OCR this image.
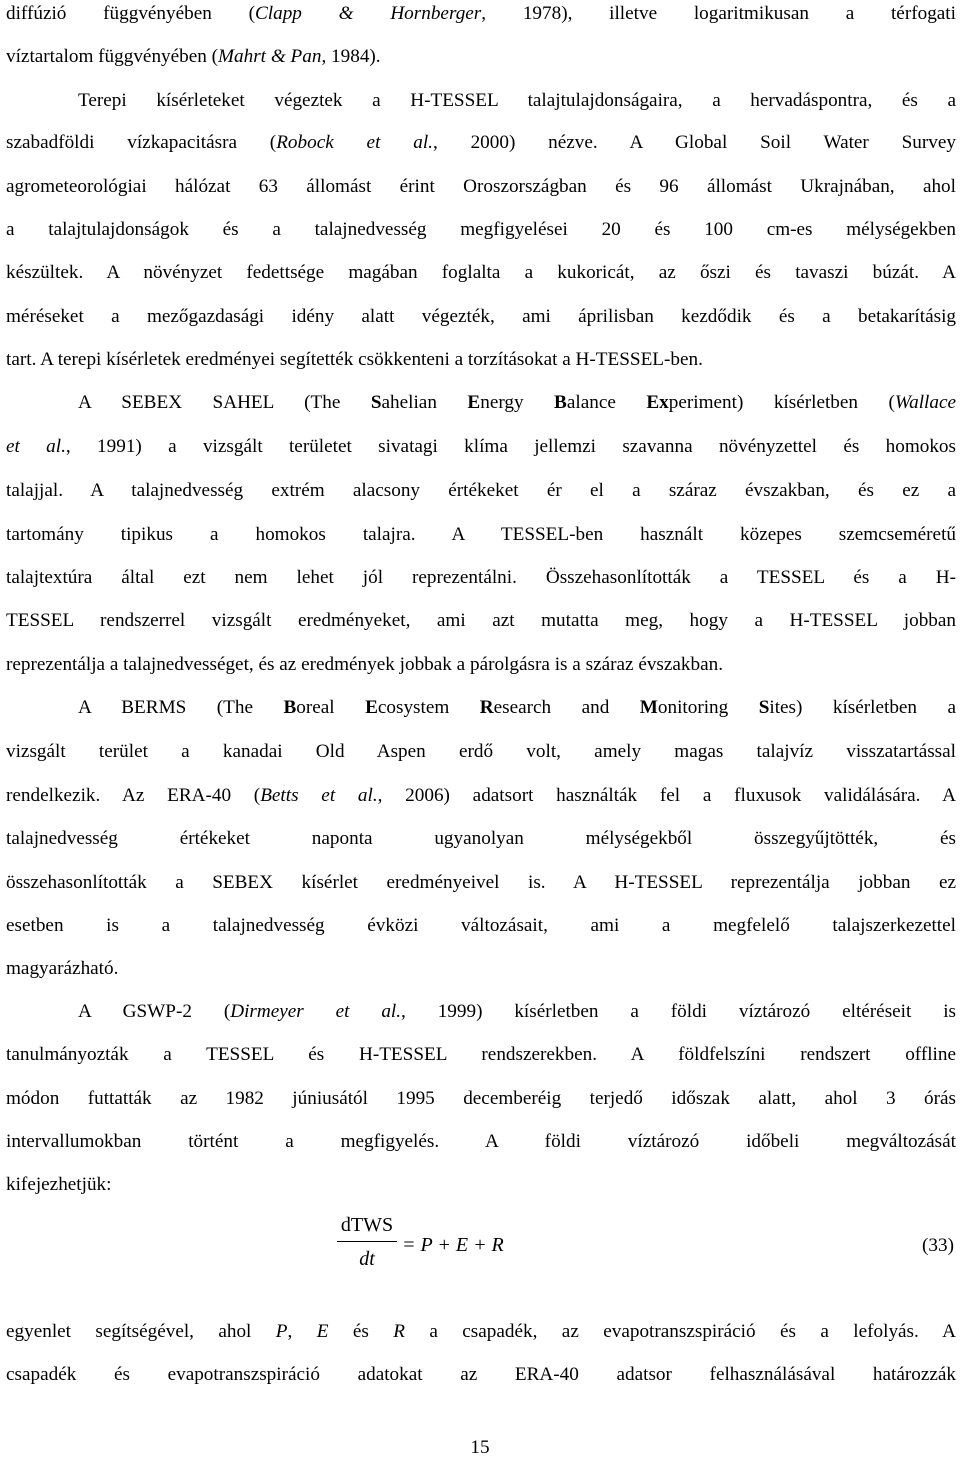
diffúzió függvényében (Clapp & Hornberger, 1978), illetve logaritmikusan a térfogati
víztartalom függvényében (Mahrt & Pan, 1984).
Terepi kísérleteket végeztek a H-TESSEL talajtulajdonságaira, a hervadáspontra, és a
szabadföldi vízkapacitásra (Robock et al., 2000) nézve. A Global Soil Water Survey
agrometeorológiai hálózat 63 állomást érint Oroszországban és 96 állomást Ukrajnában, ahol
a talajtulajdonságok és a talajnedvesség megfigyelései 20 és 100 cm-es mélységekben
készültek. A növényzet fedettsége magában foglalta a kukoricát, az őszi és tavaszi búzát. A
méréseket a mezőgazdasági idény alatt végezték, ami áprilisban kezdődik és a betakarításig
tart. A terepi kísérletek eredményei segítették csökkenteni a torzításokat a H-TESSEL-ben.
A SEBEX SAHEL (The Sahelian Energy Balance Experiment) kísérletben (Wallace
et al., 1991) a vizsgált területet sivatagi klíma jellemzi szavanna növényzettel és homokos
talajjal. A talajnedvesség extrém alacsony értékeket ér el a száraz évszakban, és ez a
tartomány tipikus a homokos talajra. A TESSEL-ben használt közepes szemcseméretű
talajtextúra által ezt nem lehet jól reprezentálni. Összehasonlították a TESSEL és a H-
TESSEL rendszerrel vizsgált eredményeket, ami azt mutatta meg, hogy a H-TESSEL jobban
reprezentálja a talajnedvességet, és az eredmények jobbak a párolgásra is a száraz évszakban.
A BERMS (The Boreal Ecosystem Research and Monitoring Sites) kísérletben a
vizsgált terület a kanadai Old Aspen erdő volt, amely magas talajvíz visszatartással
rendelkezik. Az ERA-40 (Betts et al., 2006) adatsort használták fel a fluxusok validálására. A
talajnedvesség értékeket naponta ugyanolyan mélységekből összegyűjtötték, és
összehasonlították a SEBEX kísérlet eredményeivel is. A H-TESSEL reprezentálja jobban ez
esetben is a talajnedvesség évközi változásait, ami a megfelelő talajszerkezettel
magyarázható.
A GSWP-2 (Dirmeyer et al., 1999) kísérletben a földi víztározó eltéréseit is
tanulmányozták a TESSEL és H-TESSEL rendszerekben. A földfelszíni rendszert offline
módon futtatták az 1982 júniusától 1995 decemberéig terjedő időszak alatt, ahol 3 órás
intervallumokban történt a megfigyelés. A földi víztározó időbeli megváltozását
kifejezhetjük:
egyenlet segítségével, ahol P, E és R a csapadék, az evapotranszspiráció és a lefolyás. A
csapadék és evapotranszspiráció adatokat az ERA-40 adatsor felhasználásával határozzák
dTWS
dt
= P + E + R	(33)
15
